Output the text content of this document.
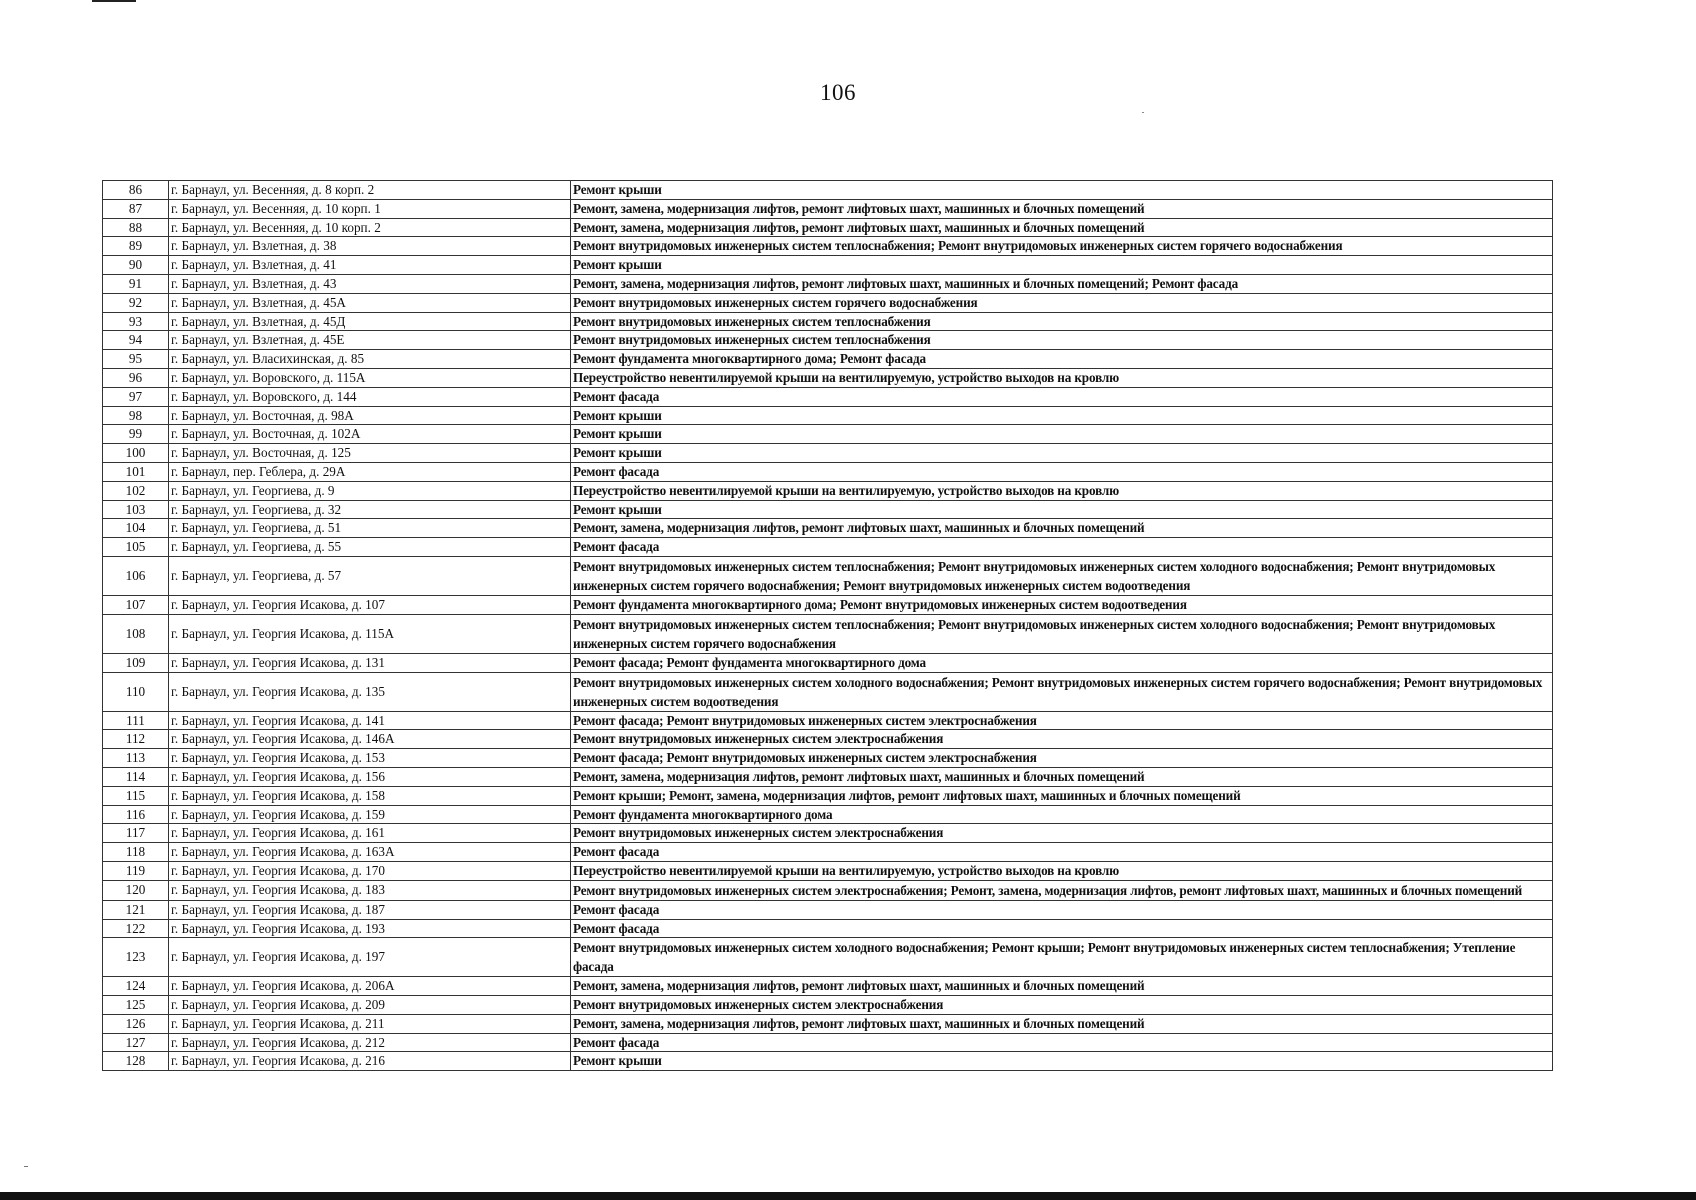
106
86	г. Барнаул, ул. Весенняя, д. 8 корп. 2	Ремонт крыши
87	г. Барнаул, ул. Весенняя, д. 10 корп. 1	Ремонт, замена, модернизация лифтов, ремонт лифтовых шахт, машинных и блочных помещений
88	г. Барнаул, ул. Весенняя, д. 10 корп. 2	Ремонт, замена, модернизация лифтов, ремонт лифтовых шахт, машинных и блочных помещений
89	г. Барнаул, ул. Взлетная, д. 38	Ремонт внутридомовых инженерных систем теплоснабжения; Ремонт внутридомовых инженерных систем горячего водоснабжения
90	г. Барнаул, ул. Взлетная, д. 41	Ремонт крыши
91	г. Барнаул, ул. Взлетная, д. 43	Ремонт, замена, модернизация лифтов, ремонт лифтовых шахт, машинных и блочных помещений; Ремонт фасада
92	г. Барнаул, ул. Взлетная, д. 45А	Ремонт внутридомовых инженерных систем горячего водоснабжения
93	г. Барнаул, ул. Взлетная, д. 45Д	Ремонт внутридомовых инженерных систем теплоснабжения
94	г. Барнаул, ул. Взлетная, д. 45Е	Ремонт внутридомовых инженерных систем теплоснабжения
95	г. Барнаул, ул. Власихинская, д. 85	Ремонт фундамента многоквартирного дома; Ремонт фасада
96	г. Барнаул, ул. Воровского, д. 115А	Переустройство невентилируемой крыши на вентилируемую, устройство выходов на кровлю
97	г. Барнаул, ул. Воровского, д. 144	Ремонт фасада
98	г. Барнаул, ул. Восточная, д. 98А	Ремонт крыши
99	г. Барнаул, ул. Восточная, д. 102А	Ремонт крыши
100	г. Барнаул, ул. Восточная, д. 125	Ремонт крыши
101	г. Барнаул, пер. Геблера, д. 29А	Ремонт фасада
102	г. Барнаул, ул. Георгиева, д. 9	Переустройство невентилируемой крыши на вентилируемую, устройство выходов на кровлю
103	г. Барнаул, ул. Георгиева, д. 32	Ремонт крыши
104	г. Барнаул, ул. Георгиева, д. 51	Ремонт, замена, модернизация лифтов, ремонт лифтовых шахт, машинных и блочных помещений
105	г. Барнаул, ул. Георгиева, д. 55	Ремонт фасада
106	г. Барнаул, ул. Георгиева, д. 57	Ремонт внутридомовых инженерных систем теплоснабжения; Ремонт внутридомовых инженерных систем холодного водоснабжения; Ремонт внутридомовых инженерных систем горячего водоснабжения; Ремонт внутридомовых инженерных систем водоотведения
107	г. Барнаул, ул. Георгия Исакова, д. 107	Ремонт фундамента многоквартирного дома; Ремонт внутридомовых инженерных систем водоотведения
108	г. Барнаул, ул. Георгия Исакова, д. 115А	Ремонт внутридомовых инженерных систем теплоснабжения; Ремонт внутридомовых инженерных систем холодного водоснабжения; Ремонт внутридомовых инженерных систем горячего водоснабжения
109	г. Барнаул, ул. Георгия Исакова, д. 131	Ремонт фасада; Ремонт фундамента многоквартирного дома
110	г. Барнаул, ул. Георгия Исакова, д. 135	Ремонт внутридомовых инженерных систем холодного водоснабжения; Ремонт внутридомовых инженерных систем горячего водоснабжения; Ремонт внутридомовых инженерных систем водоотведения
111	г. Барнаул, ул. Георгия Исакова, д. 141	Ремонт фасада; Ремонт внутридомовых инженерных систем электроснабжения
112	г. Барнаул, ул. Георгия Исакова, д. 146А	Ремонт внутридомовых инженерных систем электроснабжения
113	г. Барнаул, ул. Георгия Исакова, д. 153	Ремонт фасада; Ремонт внутридомовых инженерных систем электроснабжения
114	г. Барнаул, ул. Георгия Исакова, д. 156	Ремонт, замена, модернизация лифтов, ремонт лифтовых шахт, машинных и блочных помещений
115	г. Барнаул, ул. Георгия Исакова, д. 158	Ремонт крыши; Ремонт, замена, модернизация лифтов, ремонт лифтовых шахт, машинных и блочных помещений
116	г. Барнаул, ул. Георгия Исакова, д. 159	Ремонт фундамента многоквартирного дома
117	г. Барнаул, ул. Георгия Исакова, д. 161	Ремонт внутридомовых инженерных систем электроснабжения
118	г. Барнаул, ул. Георгия Исакова, д. 163А	Ремонт фасада
119	г. Барнаул, ул. Георгия Исакова, д. 170	Переустройство невентилируемой крыши на вентилируемую, устройство выходов на кровлю
120	г. Барнаул, ул. Георгия Исакова, д. 183	Ремонт внутридомовых инженерных систем электроснабжения; Ремонт, замена, модернизация лифтов, ремонт лифтовых шахт, машинных и блочных помещений
121	г. Барнаул, ул. Георгия Исакова, д. 187	Ремонт фасада
122	г. Барнаул, ул. Георгия Исакова, д. 193	Ремонт фасада
123	г. Барнаул, ул. Георгия Исакова, д. 197	Ремонт внутридомовых инженерных систем холодного водоснабжения; Ремонт крыши; Ремонт внутридомовых инженерных систем теплоснабжения; Утепление фасада
124	г. Барнаул, ул. Георгия Исакова, д. 206А	Ремонт, замена, модернизация лифтов, ремонт лифтовых шахт, машинных и блочных помещений
125	г. Барнаул, ул. Георгия Исакова, д. 209	Ремонт внутридомовых инженерных систем электроснабжения
126	г. Барнаул, ул. Георгия Исакова, д. 211	Ремонт, замена, модернизация лифтов, ремонт лифтовых шахт, машинных и блочных помещений
127	г. Барнаул, ул. Георгия Исакова, д. 212	Ремонт фасада
128	г. Барнаул, ул. Георгия Исакова, д. 216	Ремонт крыши
